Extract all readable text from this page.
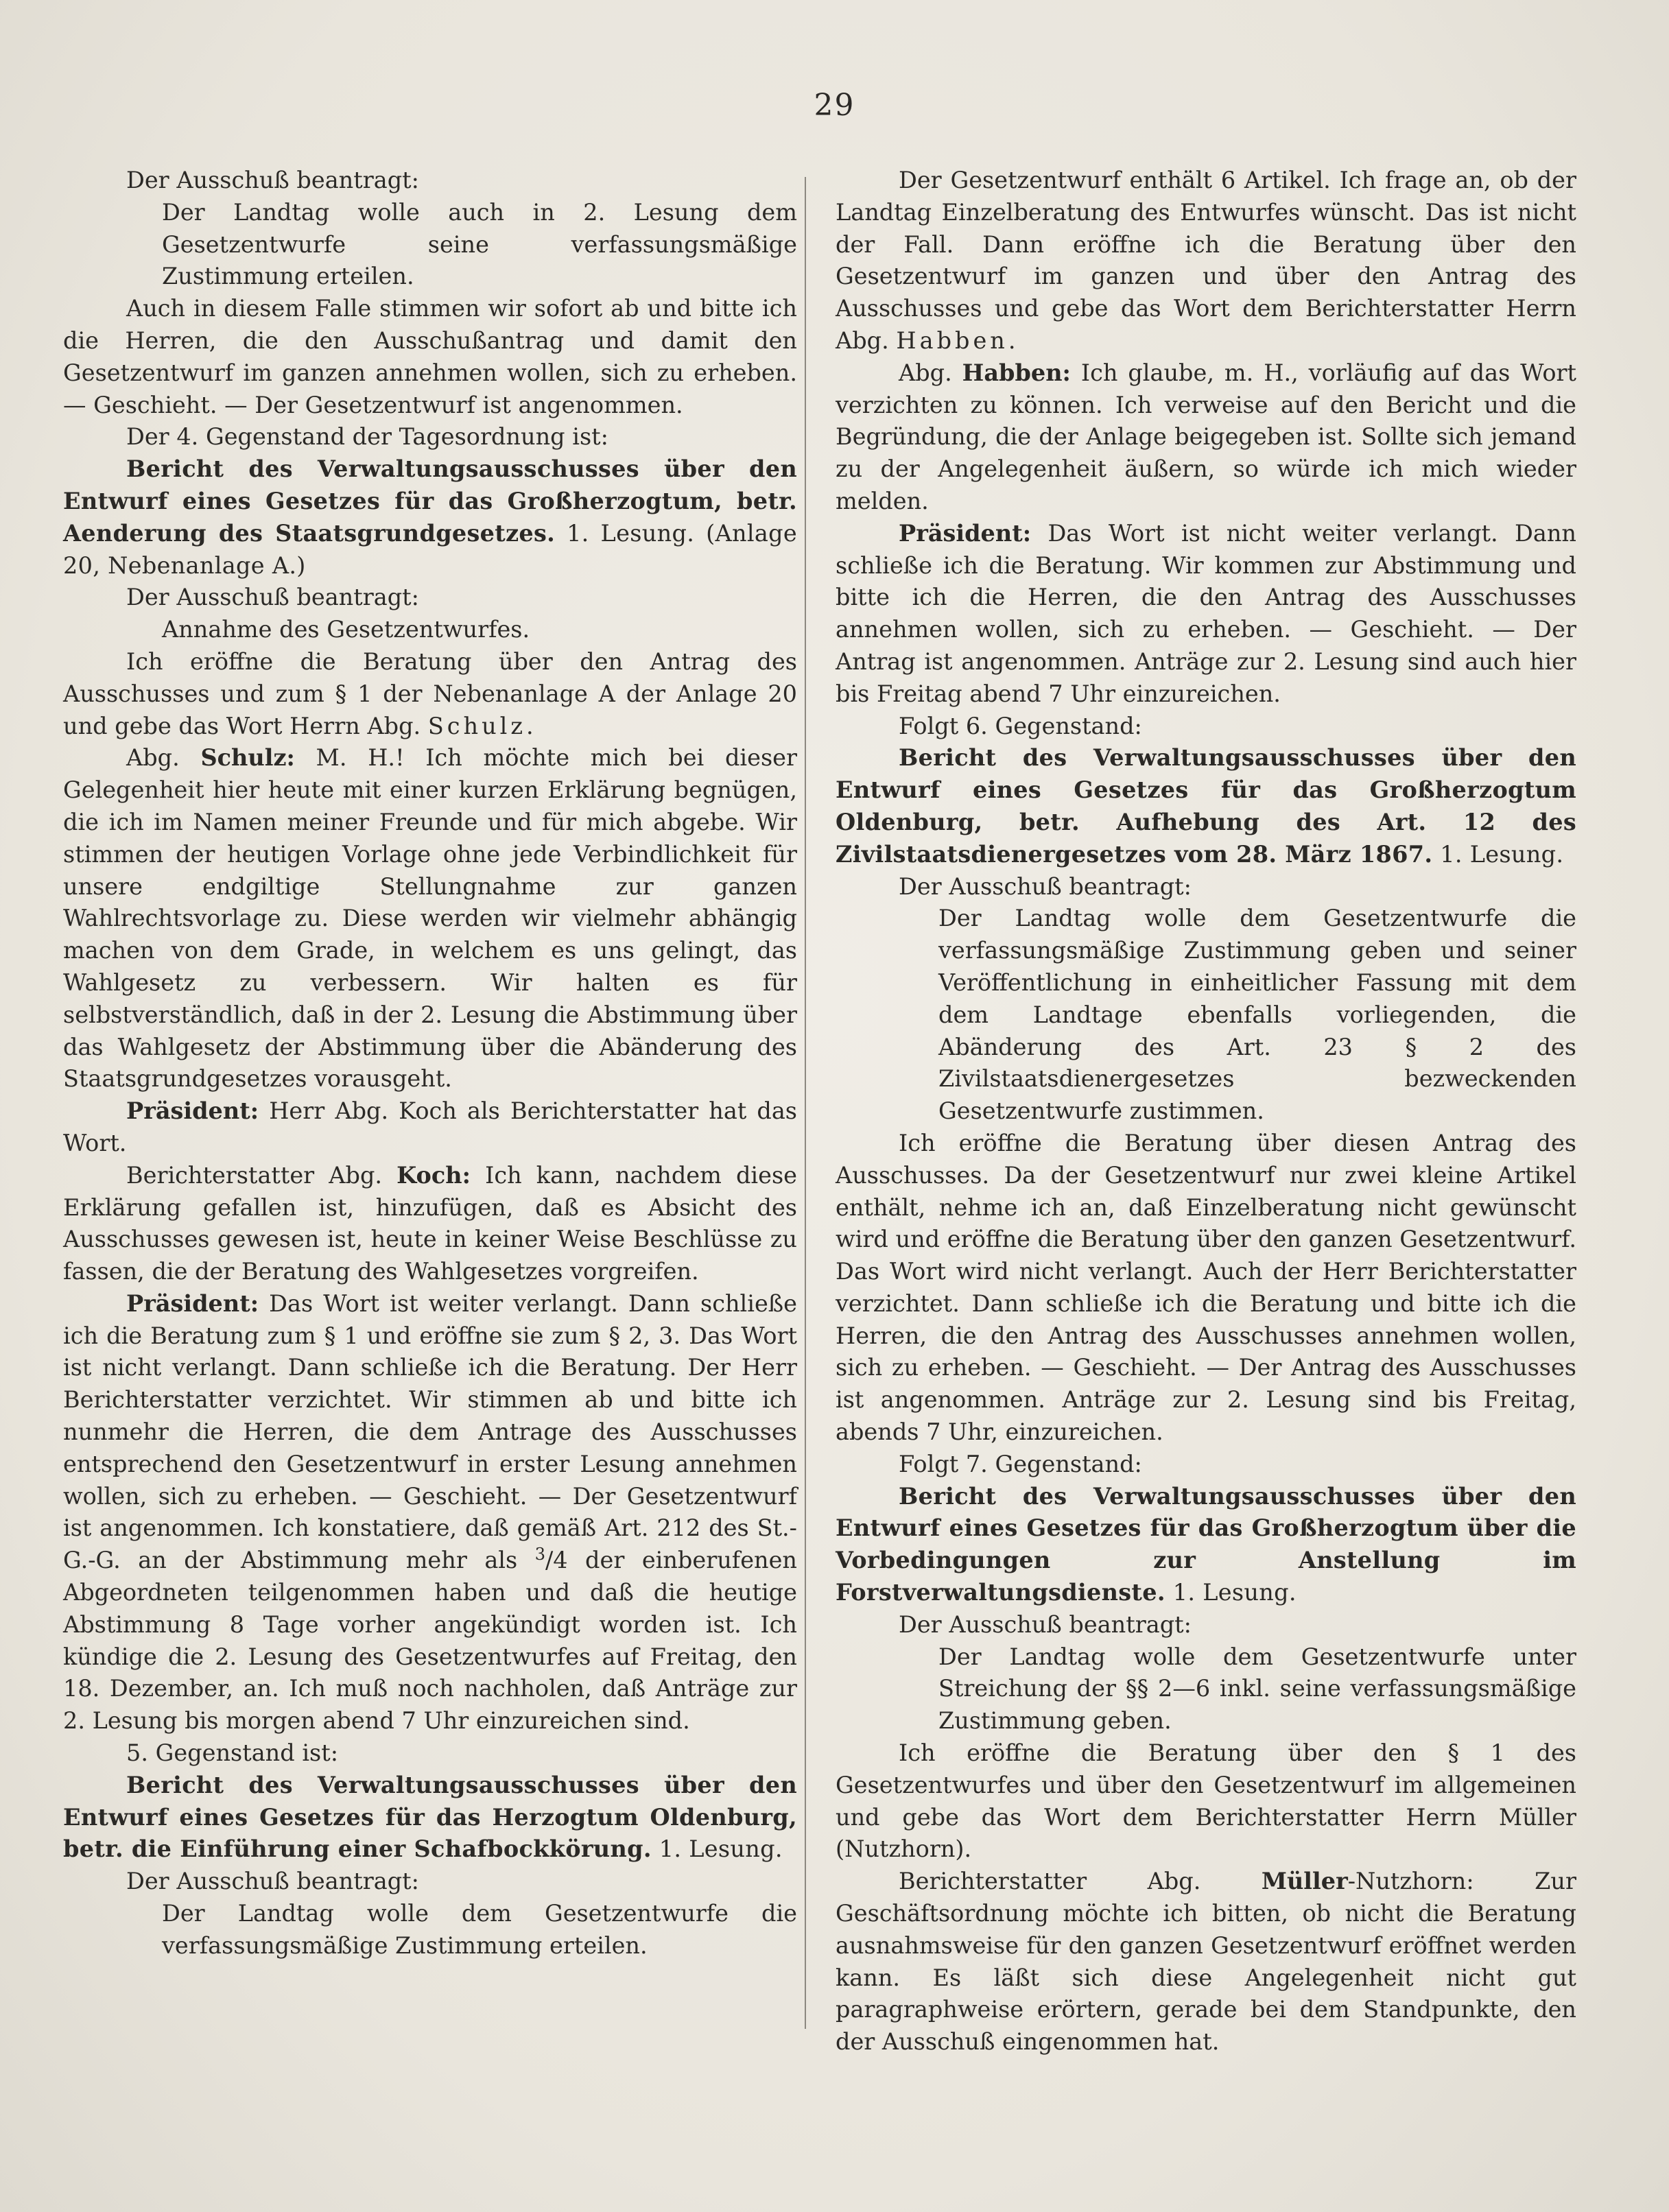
29

Der Ausschuß beantragt:

Der Landtag wolle auch in 2. Lesung dem Gesetzentwurfe seine verfassungsmäßige Zustimmung erteilen.

Auch in diesem Falle stimmen wir sofort ab und bitte ich die Herren, die den Ausschußantrag und damit den Gesetzentwurf im ganzen annehmen wollen, sich zu erheben. — Geschieht. — Der Gesetzentwurf ist angenommen.

Der 4. Gegenstand der Tagesordnung ist:

Bericht des Verwaltungsausschusses über den Entwurf eines Gesetzes für das Großherzogtum, betr. Aenderung des Staatsgrundgesetzes. 1. Lesung. (Anlage 20, Nebenanlage A.)

Der Ausschuß beantragt:

Annahme des Gesetzentwurfes.

Ich eröffne die Beratung über den Antrag des Ausschusses und zum § 1 der Nebenanlage A der Anlage 20 und gebe das Wort Herrn Abg. Schulz.

Abg. Schulz: M. H.! Ich möchte mich bei dieser Gelegenheit hier heute mit einer kurzen Erklärung begnügen, die ich im Namen meiner Freunde und für mich abgebe. Wir stimmen der heutigen Vorlage ohne jede Verbindlichkeit für unsere endgiltige Stellungnahme zur ganzen Wahlrechtsvorlage zu. Diese werden wir vielmehr abhängig machen von dem Grade, in welchem es uns gelingt, das Wahlgesetz zu verbessern. Wir halten es für selbstverständlich, daß in der 2. Lesung die Abstimmung über das Wahlgesetz der Abstimmung über die Abänderung des Staatsgrundgesetzes vorausgeht.

Präsident: Herr Abg. Koch als Berichterstatter hat das Wort.

Berichterstatter Abg. Koch: Ich kann, nachdem diese Erklärung gefallen ist, hinzufügen, daß es Absicht des Ausschusses gewesen ist, heute in keiner Weise Beschlüsse zu fassen, die der Beratung des Wahlgesetzes vorgreifen.

Präsident: Das Wort ist weiter verlangt. Dann schließe ich die Beratung zum § 1 und eröffne sie zum § 2, 3. Das Wort ist nicht verlangt. Dann schließe ich die Beratung. Der Herr Berichterstatter verzichtet. Wir stimmen ab und bitte ich nunmehr die Herren, die dem Antrage des Ausschusses entsprechend den Gesetzentwurf in erster Lesung annehmen wollen, sich zu erheben. — Geschieht. — Der Gesetzentwurf ist angenommen. Ich konstatiere, daß gemäß Art. 212 des St.-G.-G. an der Abstimmung mehr als $^3$/4 der einberufenen Abgeordneten teilgenommen haben und daß die heutige Abstimmung 8 Tage vorher angekündigt worden ist. Ich kündige die 2. Lesung des Gesetzentwurfes auf Freitag, den 18. Dezember, an. Ich muß noch nachholen, daß Anträge zur 2. Lesung bis morgen abend 7 Uhr einzureichen sind.

5. Gegenstand ist:

Bericht des Verwaltungsausschusses über den Entwurf eines Gesetzes für das Herzogtum Oldenburg, betr. die Einführung einer Schafbockkörung. 1. Lesung.

Der Ausschuß beantragt:

Der Landtag wolle dem Gesetzentwurfe die verfassungsmäßige Zustimmung erteilen.

Der Gesetzentwurf enthält 6 Artikel. Ich frage an, ob der Landtag Einzelberatung des Entwurfes wünscht. Das ist nicht der Fall. Dann eröffne ich die Beratung über den Gesetzentwurf im ganzen und über den Antrag des Ausschusses und gebe das Wort dem Berichterstatter Herrn Abg. Habben.

Abg. Habben: Ich glaube, m. H., vorläufig auf das Wort verzichten zu können. Ich verweise auf den Bericht und die Begründung, die der Anlage beigegeben ist. Sollte sich jemand zu der Angelegenheit äußern, so würde ich mich wieder melden.

Präsident: Das Wort ist nicht weiter verlangt. Dann schließe ich die Beratung. Wir kommen zur Abstimmung und bitte ich die Herren, die den Antrag des Ausschusses annehmen wollen, sich zu erheben. — Geschieht. — Der Antrag ist angenommen. Anträge zur 2. Lesung sind auch hier bis Freitag abend 7 Uhr einzureichen.

Folgt 6. Gegenstand:

Bericht des Verwaltungsausschusses über den Entwurf eines Gesetzes für das Großherzogtum Oldenburg, betr. Aufhebung des Art. 12 des Zivilstaatsdienergesetzes vom 28. März 1867. 1. Lesung.

Der Ausschuß beantragt:

Der Landtag wolle dem Gesetzentwurfe die verfassungsmäßige Zustimmung geben und seiner Veröffentlichung in einheitlicher Fassung mit dem dem Landtage ebenfalls vorliegenden, die Abänderung des Art. 23 § 2 des Zivilstaatsdienergesetzes bezweckenden Gesetzentwurfe zustimmen.

Ich eröffne die Beratung über diesen Antrag des Ausschusses. Da der Gesetzentwurf nur zwei kleine Artikel enthält, nehme ich an, daß Einzelberatung nicht gewünscht wird und eröffne die Beratung über den ganzen Gesetzentwurf. Das Wort wird nicht verlangt. Auch der Herr Berichterstatter verzichtet. Dann schließe ich die Beratung und bitte ich die Herren, die den Antrag des Ausschusses annehmen wollen, sich zu erheben. — Geschieht. — Der Antrag des Ausschusses ist angenommen. Anträge zur 2. Lesung sind bis Freitag, abends 7 Uhr, einzureichen.

Folgt 7. Gegenstand:

Bericht des Verwaltungsausschusses über den Entwurf eines Gesetzes für das Großherzogtum über die Vorbedingungen zur Anstellung im Forstverwaltungsdienste. 1. Lesung.

Der Ausschuß beantragt:

Der Landtag wolle dem Gesetzentwurfe unter Streichung der §§ 2—6 inkl. seine verfassungsmäßige Zustimmung geben.

Ich eröffne die Beratung über den § 1 des Gesetzentwurfes und über den Gesetzentwurf im allgemeinen und gebe das Wort dem Berichterstatter Herrn Müller (Nutzhorn).

Berichterstatter Abg. Müller-Nutzhorn: Zur Geschäftsordnung möchte ich bitten, ob nicht die Beratung ausnahmsweise für den ganzen Gesetzentwurf eröffnet werden kann. Es läßt sich diese Angelegenheit nicht gut paragraphweise erörtern, gerade bei dem Standpunkte, den der Ausschuß eingenommen hat.
